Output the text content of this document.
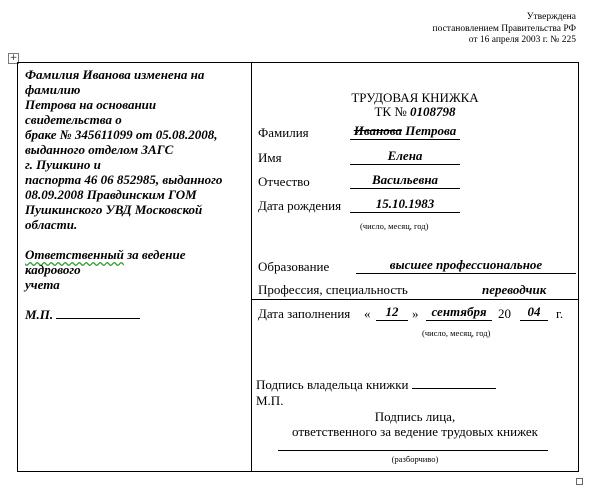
Утверждена
постановлением Правительства РФ
от 16 апреля 2003 г. № 225
+
Фамилия Иванова изменена на
фамилию
Петрова на основании
свидетельства о
браке № 345611099 от 05.08.2008,
выданного отделом ЗАГС
г. Пушкино и
паспорта 46 06 852985, выданного
08.09.2008 Правдинским ГОМ
Пушкинского УВД Московской
области.
Ответственный за ведение
кадрового
учета
М.П.
ТРУДОВАЯ КНИЖКА
ТК № 0108798
Фамилия	Иванова Петрова
Имя	Елена
Отчество	Васильевна
Дата рождения	15.10.1983
(число, месяц, год)
Образование	высшее профессиональное
Профессия, специальность	переводчик
Дата заполнения «	12	» сентября 20	04	г.
(число, месяц, год)
Подпись владельца книжки
М.П.
Подпись лица,
ответственного за ведение трудовых книжек
(разборчиво)
